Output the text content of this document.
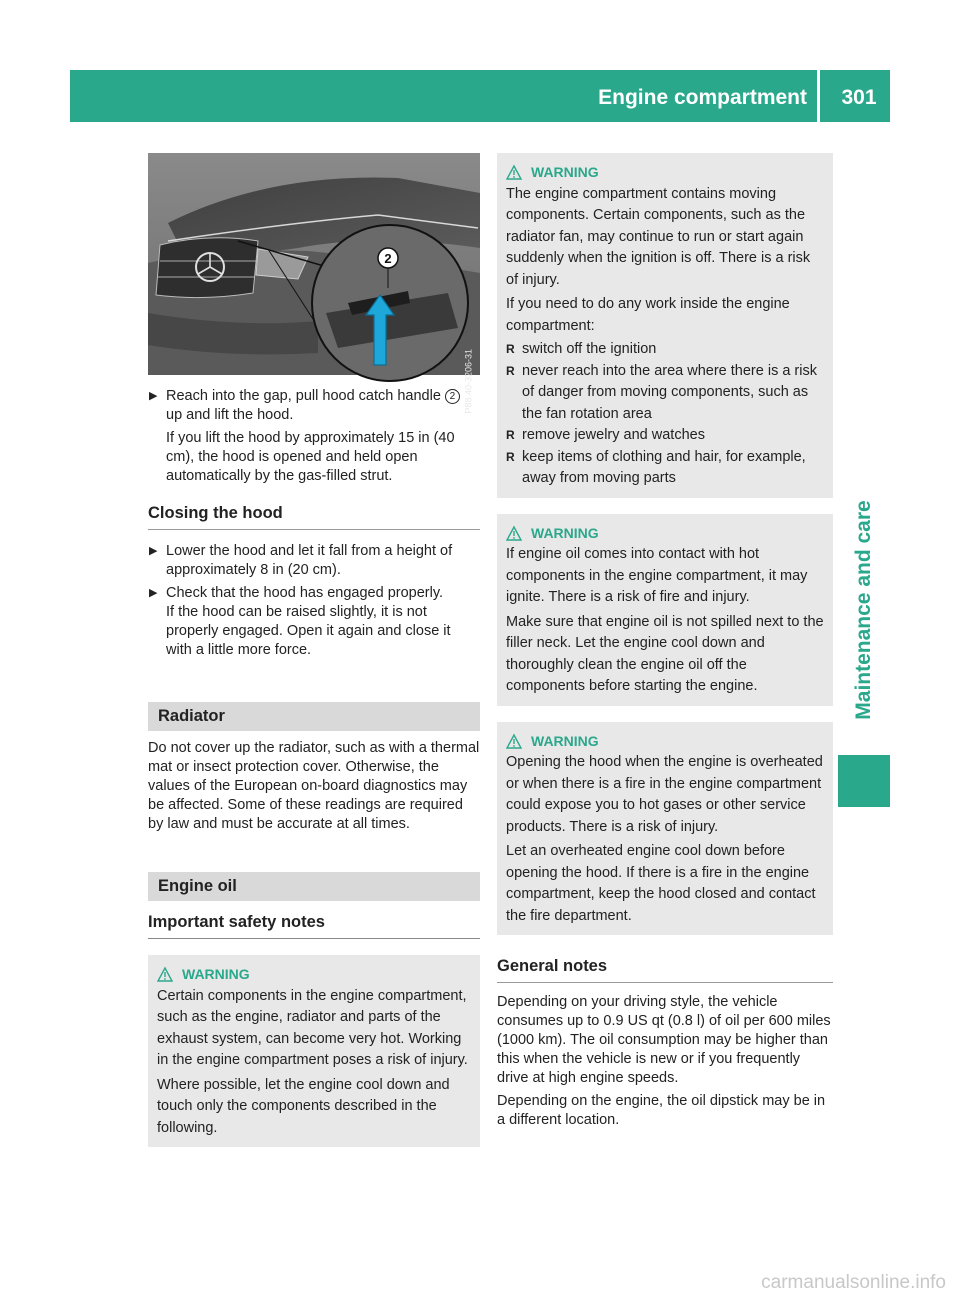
Engine compartment	301
Maintenance and care
2
P88.40-3206-31
▶ Reach into the gap, pull hood catch handle 2 up and lift the hood.
If you lift the hood by approximately 15 in (40 cm), the hood is opened and held open automatically by the gas-filled strut.
Closing the hood
▶ Lower the hood and let it fall from a height of approximately 8 in (20 cm).
▶ Check that the hood has engaged properly.
If the hood can be raised slightly, it is not properly engaged. Open it again and close it with a little more force.
Radiator
Do not cover up the radiator, such as with a thermal mat or insect protection cover. Otherwise, the values of the European on-board diagnostics may be affected. Some of these readings are required by law and must be accurate at all times.
Engine oil
Important safety notes
WARNING

Certain components in the engine compartment, such as the engine, radiator and parts of the exhaust system, can become very hot. Working in the engine compartment poses a risk of injury.

Where possible, let the engine cool down and touch only the components described in the following.

WARNING

The engine compartment contains moving components. Certain components, such as the radiator fan, may continue to run or start again suddenly when the ignition is off. There is a risk of injury.

If you need to do any work inside the engine compartment:

R switch off the ignition
R never reach into the area where there is a risk of danger from moving components, such as the fan rotation area
R remove jewelry and watches
R keep items of clothing and hair, for example, away from moving parts
WARNING

If engine oil comes into contact with hot components in the engine compartment, it may ignite. There is a risk of fire and injury.

Make sure that engine oil is not spilled next to the filler neck. Let the engine cool down and thoroughly clean the engine oil off the components before starting the engine.

WARNING

Opening the hood when the engine is overheated or when there is a fire in the engine compartment could expose you to hot gases or other service products. There is a risk of injury.

Let an overheated engine cool down before opening the hood. If there is a fire in the engine compartment, keep the hood closed and contact the fire department.

General notes
Depending on your driving style, the vehicle consumes up to 0.9 US qt (0.8 l) of oil per 600 miles (1000 km). The oil consumption may be higher than this when the vehicle is new or if you frequently drive at high engine speeds.
Depending on the engine, the oil dipstick may be in a different location.
carmanualsonline.info
